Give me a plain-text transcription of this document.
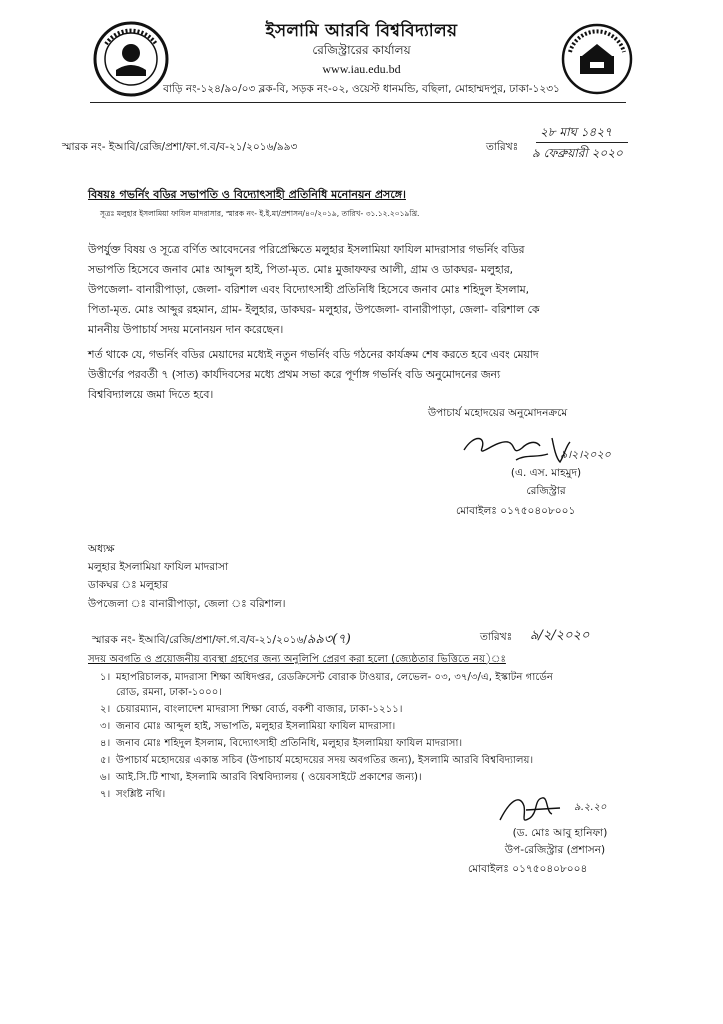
ইসলামি আরবি বিশ্ববিদ্যালয়
রেজিস্ট্রারের কার্যালয়
www.iau.edu.bd
বাড়ি নং-১২৪/৯০/০৩ ব্লক-বি, সড়ক নং-০২, ওয়েস্ট ধানমন্ডি, বছিলা, মোহাম্মদপুর, ঢাকা-১২৩১
স্মারক নং- ইআবি/রেজি/প্রশা/ফা.গ.ব/ব-২১/২০১৬/৯৯৩	তারিখঃ
২৮ মাঘ ১৪২৭
৯ ফেব্রুয়ারী ২০২০
বিষয়ঃ গভর্নিং বডির সভাপতি ও বিদ্যোৎসাহী প্রতিনিধি মনোনয়ন প্রসঙ্গে।
সূত্রঃ মলুহার ইসলামিয়া ফাযিল মাদরাসার, স্মারক নং- ই.ই.মা/প্রশাসন/৪০/২০১৯, তারিখ- ৩১.১২.২০১৯খ্রি.
উপর্যুক্ত বিষয় ও সূত্রে বর্ণিত আবেদনের পরিপ্রেক্ষিতে মলুহার ইসলামিয়া ফাযিল মাদরাসার গভর্নিং বডির
সভাপতি হিসেবে জনাব মোঃ আব্দুল হাই, পিতা-মৃত. মোঃ মুজাফফর আলী, গ্রাম ও ডাকঘর- মলুহার,
উপজেলা- বানারীপাড়া, জেলা- বরিশাল এবং বিদ্যোৎসাহী প্রতিনিধি হিসেবে জনাব মোঃ শহিদুল ইসলাম,
পিতা-মৃত. মোঃ আব্দুর রহমান, গ্রাম- ইলুহার, ডাকঘর- মলুহার, উপজেলা- বানারীপাড়া, জেলা- বরিশাল কে
মাননীয় উপাচার্য সদয় মনোনয়ন দান করেছেন।
শর্ত থাকে যে, গভর্নিং বডির মেয়াদের মধ্যেই নতুন গভর্নিং বডি গঠনের কার্যক্রম শেষ করতে হবে এবং মেয়াদ
উত্তীর্ণের পরবর্তী ৭ (সাত) কার্যদিবসের মধ্যে প্রথম সভা করে পূর্ণাঙ্গ গভর্নিং বডি অনুমোদনের জন্য
বিশ্ববিদ্যালয়ে জমা দিতে হবে।
উপাচার্য মহোদয়ের অনুমোদনক্রমে
৯।২।২০২০
(এ. এস. মাহমুদ)
রেজিস্ট্রার
মোবাইলঃ ০১৭৫০৪০৮০০১
অধ্যক্ষ
মলুহার ইসলামিয়া ফাযিল মাদরাসা
ডাকঘর ঃ মলুহার
উপজেলা ঃ বানারীপাড়া, জেলা ঃ বরিশাল।
স্মারক নং- ইআবি/রেজি/প্রশা/ফা.গ.ব/ব-২১/২০১৬/৯৯৩(৭)	তারিখঃ ৯/২/২০২০
সদয় অবগতি ও প্রয়োজনীয় ব্যবস্থা গ্রহণের জন্য অনুলিপি প্রেরণ করা হলো (জ্যেষ্ঠতার ভিত্তিতে নয়)ঃ
১। মহাপরিচালক, মাদরাসা শিক্ষা অধিদপ্তর, রেডক্রিসেন্ট বোরাক টাওয়ার, লেভেল- ০৩, ৩৭/৩/এ, ইস্কাটন গার্ডেন
রোড, রমনা, ঢাকা-১০০০।
২। চেয়ারম্যান, বাংলাদেশ মাদরাসা শিক্ষা বোর্ড, বকশী বাজার, ঢাকা-১২১১।
৩। জনাব মোঃ আব্দুল হাই, সভাপতি, মলুহার ইসলামিয়া ফাযিল মাদরাসা।
৪। জনাব মোঃ শহিদুল ইসলাম, বিদ্যোৎসাহী প্রতিনিধি, মলুহার ইসলামিয়া ফাযিল মাদরাসা।
৫। উপাচার্য মহোদয়ের একান্ত সচিব (উপাচার্য মহোদয়ের সদয় অবগতির জন্য), ইসলামি আরবি বিশ্ববিদ্যালয়।
৬। আই.সি.টি শাখা, ইসলামি আরবি বিশ্ববিদ্যালয় ( ওয়েবসাইটে প্রকাশের জন্য)।
৭। সংশ্লিষ্ট নথি।
৯.২.২০
(ড. মোঃ আবু হানিফা)
উপ-রেজিস্ট্রার (প্রশাসন)
মোবাইলঃ ০১৭৫০৪০৮০০৪
